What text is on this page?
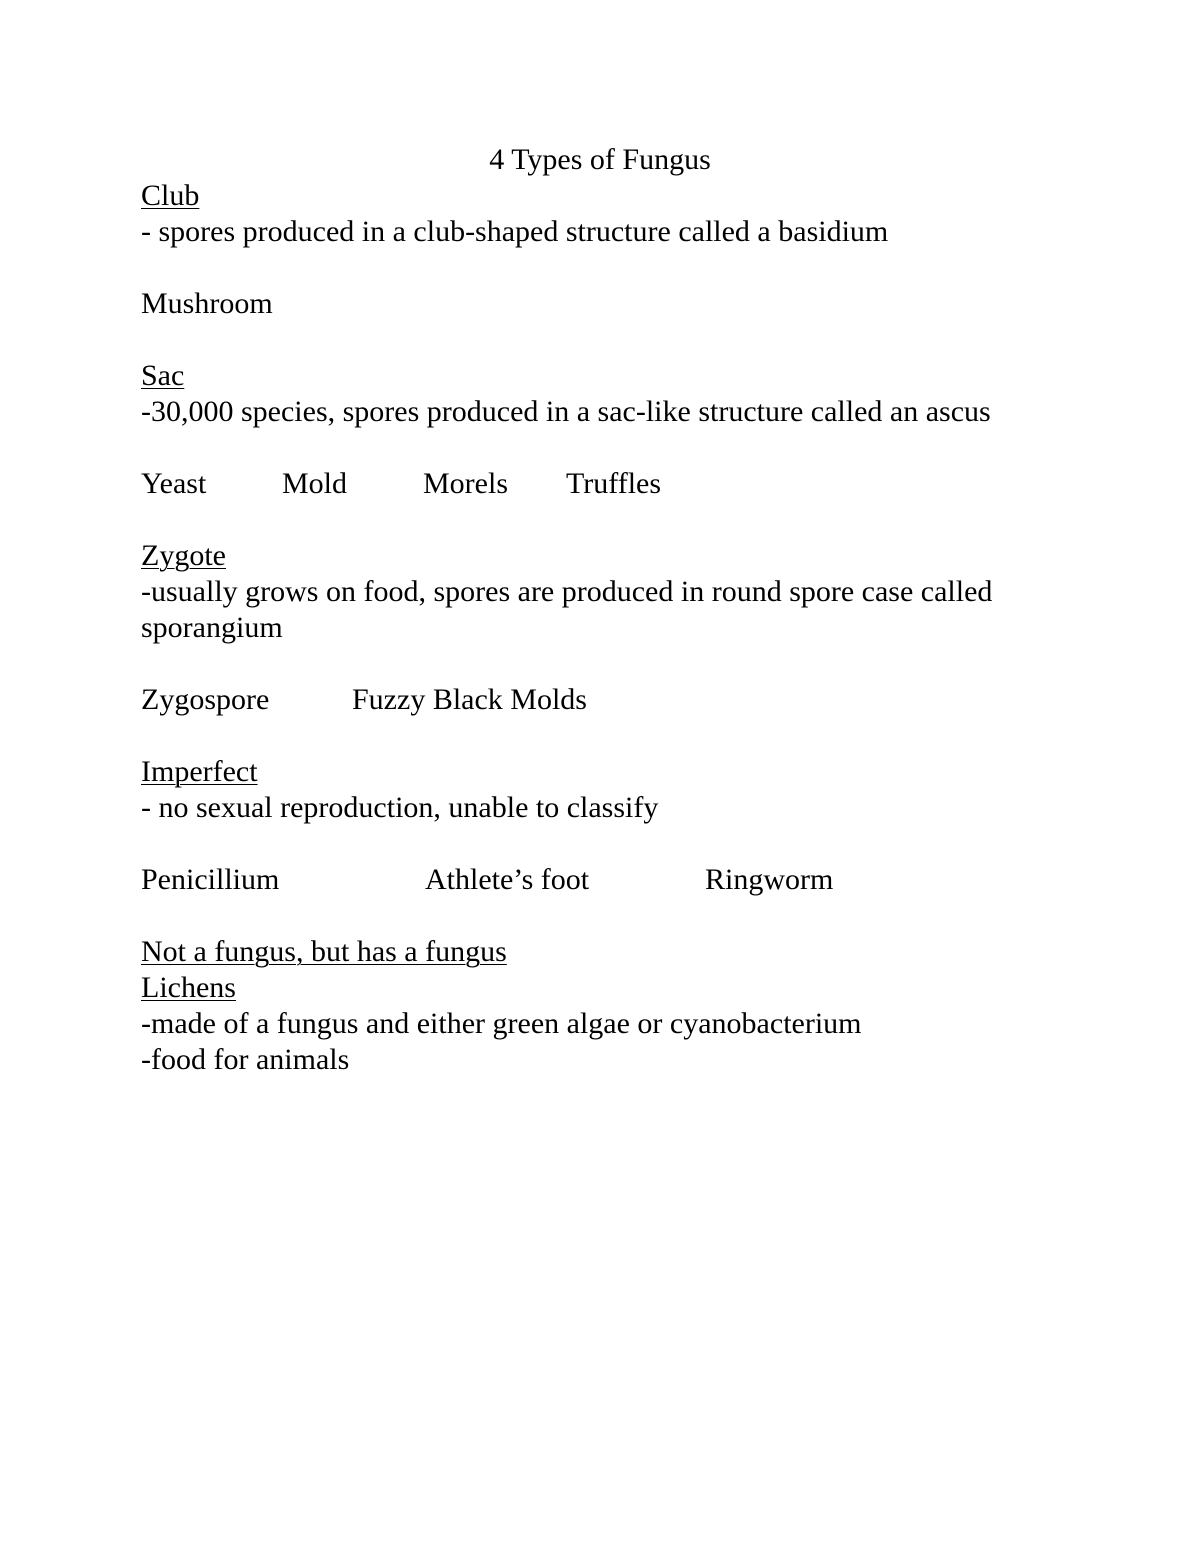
4 Types of Fungus
Club
- spores produced in a club-shaped structure called a basidium
Mushroom
Sac
-30,000 species, spores produced in a sac-like structure called an ascus
Yeast	Mold	Morels Truffles
Zygote
-usually grows on food, spores are produced in round spore case called
sporangium
Zygospore	Fuzzy Black Molds
Imperfect
- no sexual reproduction, unable to classify
Penicillium	Athlete’s foot	Ringworm
Not a fungus, but has a fungus
Lichens
-made of a fungus and either green algae or cyanobacterium
-food for animals
